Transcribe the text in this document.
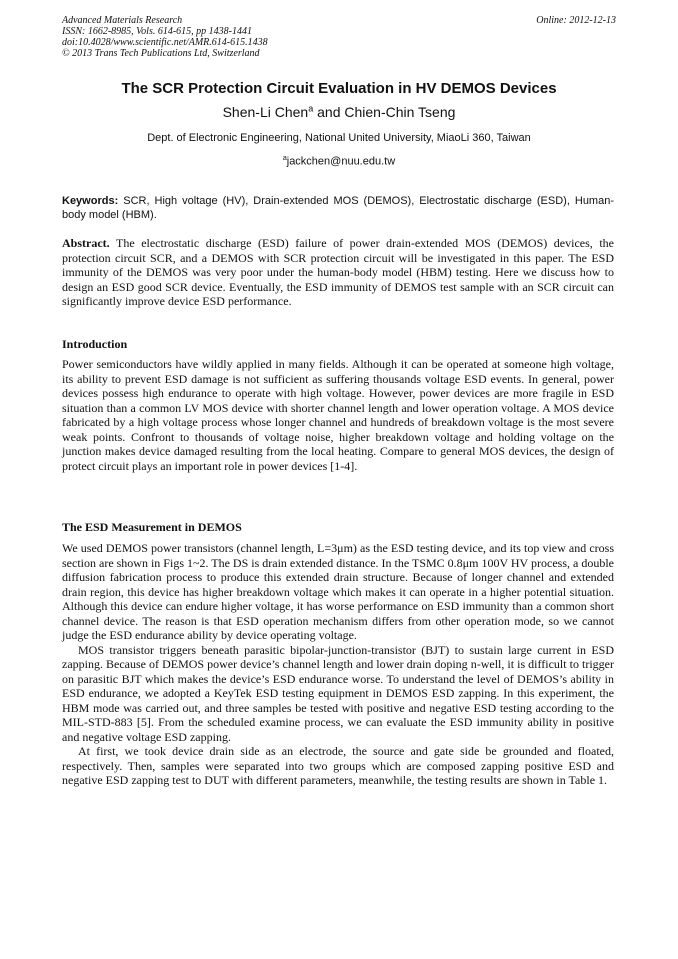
Advanced Materials Research
ISSN: 1662-8985, Vols. 614-615, pp 1438-1441
doi:10.4028/www.scientific.net/AMR.614-615.1438
© 2013 Trans Tech Publications Ltd, Switzerland
Online: 2012-12-13
The SCR Protection Circuit Evaluation in HV DEMOS Devices
Shen-Li Chen$^a$ and Chien-Chin Tseng
Dept. of Electronic Engineering, National United University, MiaoLi 360, Taiwan
$^a$jackchen@nuu.edu.tw
Keywords: SCR, High voltage (HV), Drain-extended MOS (DEMOS), Electrostatic discharge (ESD), Human-body model (HBM).
Abstract. The electrostatic discharge (ESD) failure of power drain-extended MOS (DEMOS) devices, the protection circuit SCR, and a DEMOS with SCR protection circuit will be investigated in this paper. The ESD immunity of the DEMOS was very poor under the human-body model (HBM) testing. Here we discuss how to design an ESD good SCR device. Eventually, the ESD immunity of DEMOS test sample with an SCR circuit can significantly improve device ESD performance.
Introduction
Power semiconductors have wildly applied in many fields. Although it can be operated at someone high voltage, its ability to prevent ESD damage is not sufficient as suffering thousands voltage ESD events. In general, power devices possess high endurance to operate with high voltage. However, power devices are more fragile in ESD situation than a common LV MOS device with shorter channel length and lower operation voltage. A MOS device fabricated by a high voltage process whose longer channel and hundreds of breakdown voltage is the most severe weak points. Confront to thousands of voltage noise, higher breakdown voltage and holding voltage on the junction makes device damaged resulting from the local heating. Compare to general MOS devices, the design of protect circuit plays an important role in power devices [1-4].
The ESD Measurement in DEMOS

We used DEMOS power transistors (channel length, L=3μm) as the ESD testing device, and its top view and cross section are shown in Figs 1~2. The DS is drain extended distance. In the TSMC 0.8μm 100V HV process, a double diffusion fabrication process to produce this extended drain structure. Because of longer channel and extended drain region, this device has higher breakdown voltage which makes it can operate in a higher potential situation. Although this device can endure higher voltage, it has worse performance on ESD immunity than a common short channel device. The reason is that ESD operation mechanism differs from other operation mode, so we cannot judge the ESD endurance ability by device operating voltage.

MOS transistor triggers beneath parasitic bipolar-junction-transistor (BJT) to sustain large current in ESD zapping. Because of DEMOS power device’s channel length and lower drain doping n-well, it is difficult to trigger on parasitic BJT which makes the device’s ESD endurance worse. To understand the level of DEMOS’s ability in ESD endurance, we adopted a KeyTek ESD testing equipment in DEMOS ESD zapping. In this experiment, the HBM mode was carried out, and three samples be tested with positive and negative ESD testing according to the MIL-STD-883 [5]. From the scheduled examine process, we can evaluate the ESD immunity ability in positive and negative voltage ESD zapping.

At first, we took device drain side as an electrode, the source and gate side be grounded and floated, respectively. Then, samples were separated into two groups which are composed zapping positive ESD and negative ESD zapping test to DUT with different parameters, meanwhile, the testing results are shown in Table 1.
